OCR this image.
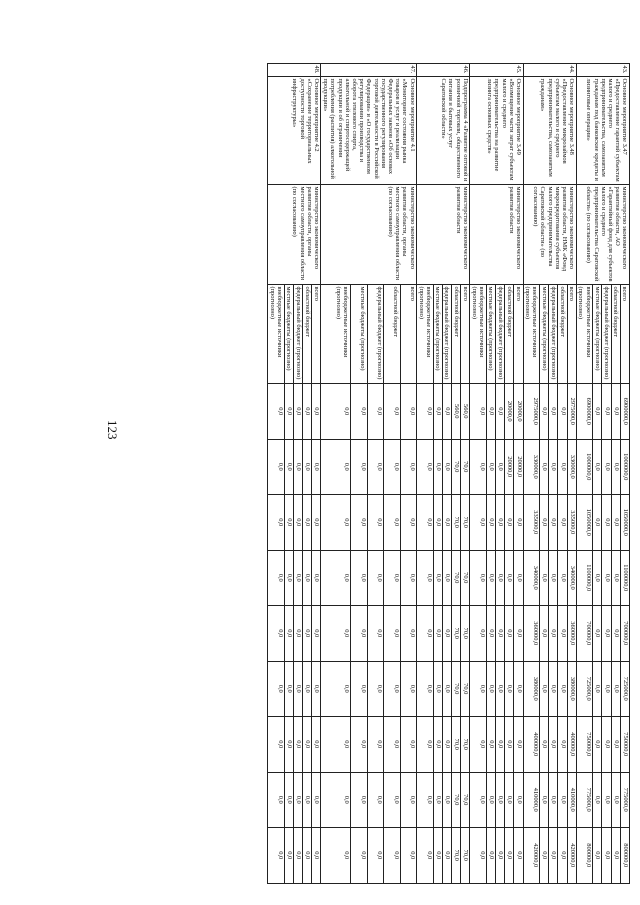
123
43.	Основное мероприятие 3.47 «Предоставление гарантий субъектам малого и среднего предпринимательства, самозанятым гражданам под банковские кредиты и лизинговые операции»	министерство экономического развития области, АО «Гарантийный фонд для субъектов малого и среднего предпринимательства Саратовской области» (по согласованию)	всего	6900000,0	1000000,0	1050000,0	1100000,0	700000,0	725000,0	750000,0	775000,0	800000,0
			областной бюджет	0,0	0,0	0,0	0,0	0,0	0,0	0,0	0,0	0,0
			федеральный бюджет (прогнозно)	0,0	0,0	0,0	0,0	0,0	0,0	0,0	0,0	0,0
			местные бюджеты (прогнозно)	0,0	0,0	0,0	0,0	0,0	0,0	0,0	0,0	0,0
			внебюджетные источники (прогнозно)	6900000,0	1000000,0	1050000,0	1100000,0	700000,0	725000,0	750000,0	775000,0	800000,0
44.	Основное мероприятие 3.48 «Предоставление микрозаймов субъектам малого и среднего предпринимательства, самозанятым гражданам»	министерство экономического развития области, НМК «Фонд микрокредитования субъектов малого предпринимательства Саратовской области» (по согласованию)	всего	2975000,0	330000,0	335000,0	340000,0	360000,0	380000,0	400000,0	410000,0	420000,0
			областной бюджет	0,0	0,0	0,0	0,0	0,0	0,0	0,0	0,0	0,0
			федеральный бюджет (прогнозно)	0,0	0,0	0,0	0,0	0,0	0,0	0,0	0,0	0,0
			местные бюджеты (прогнозно)	0,0	0,0	0,0	0,0	0,0	0,0	0,0	0,0	0,0
			внебюджетные источники (прогнозно)	2975000,0	330000,0	335000,0	340000,0	360000,0	380000,0	400000,0	410000,0	420000,0
45.	Основное мероприятие 3.49 «Возмещение части затрат субъектам малого и среднего предпринимательства на развитие лизинга основных средств»	министерство экономического развития области	всего	20000,0	20000,0	0,0	0,0	0,0	0,0	0,0	0,0	0,0
			областной бюджет	20000,0	20000,0	0,0	0,0	0,0	0,0	0,0	0,0	0,0
			федеральный бюджет (прогнозно)	0,0	0,0	0,0	0,0	0,0	0,0	0,0	0,0	0,0
			местные бюджеты (прогнозно)	0,0	0,0	0,0	0,0	0,0	0,0	0,0	0,0	0,0
			внебюджетные источники (прогнозно)	0,0	0,0	0,0	0,0	0,0	0,0	0,0	0,0	0,0
46.	Подпрограмма 4 «Развитие оптовой и розничной торговли, общественного питания и бытовых услуг Саратовской области»	министерство экономического развития области	всего	560,0	70,0	70,0	70,0	70,0	70,0	70,0	70,0	70,0
			областной бюджет	560,0	70,0	70,0	70,0	70,0	70,0	70,0	70,0	70,0
			федеральный бюджет (прогнозно)	0,0	0,0	0,0	0,0	0,0	0,0	0,0	0,0	0,0
			местные бюджеты (прогнозно)	0,0	0,0	0,0	0,0	0,0	0,0	0,0	0,0	0,0
			внебюджетные источники (прогнозно)	0,0	0,0	0,0	0,0	0,0	0,0	0,0	0,0	0,0
47.	Основное мероприятие 4.1 «Мониторинг состояния рынка товаров и услуг и реализации Федеральных законов «Об основах государственного регулирования торговой деятельности в Российской Федерации» и «О государственном регулировании производства и оборота этилового спирта, алкогольной и спиртосодержащей продукции и об ограничении потребления (распития) алкогольной продукции»	министерство экономического развития области, органы местного самоуправления области (по согласованию)	всего	0,0	0,0	0,0	0,0	0,0	0,0	0,0	0,0	0,0
			областной бюджет	0,0	0,0	0,0	0,0	0,0	0,0	0,0	0,0	0,0
			федеральный бюджет (прогнозно)	0,0	0,0	0,0	0,0	0,0	0,0	0,0	0,0	0,0
			местные бюджеты (прогнозно)	0,0	0,0	0,0	0,0	0,0	0,0	0,0	0,0	0,0
			внебюджетные источники (прогнозно)	0,0	0,0	0,0	0,0	0,0	0,0	0,0	0,0	0,0
48.	Основное мероприятие 4.2 «Сохранение территориальных доступности торговой инфраструктуры»	министерство экономического развития области, органы местного самоуправления области (по согласованию)	всего	0,0	0,0	0,0	0,0	0,0	0,0	0,0	0,0	0,0
			областной бюджет	0,0	0,0	0,0	0,0	0,0	0,0	0,0	0,0	0,0
			федеральный бюджет (прогнозно)	0,0	0,0	0,0	0,0	0,0	0,0	0,0	0,0	0,0
			местные бюджеты (прогнозно)	0,0	0,0	0,0	0,0	0,0	0,0	0,0	0,0	0,0
			внебюджетные источники (прогнозно)	0,0	0,0	0,0	0,0	0,0	0,0	0,0	0,0	0,0
